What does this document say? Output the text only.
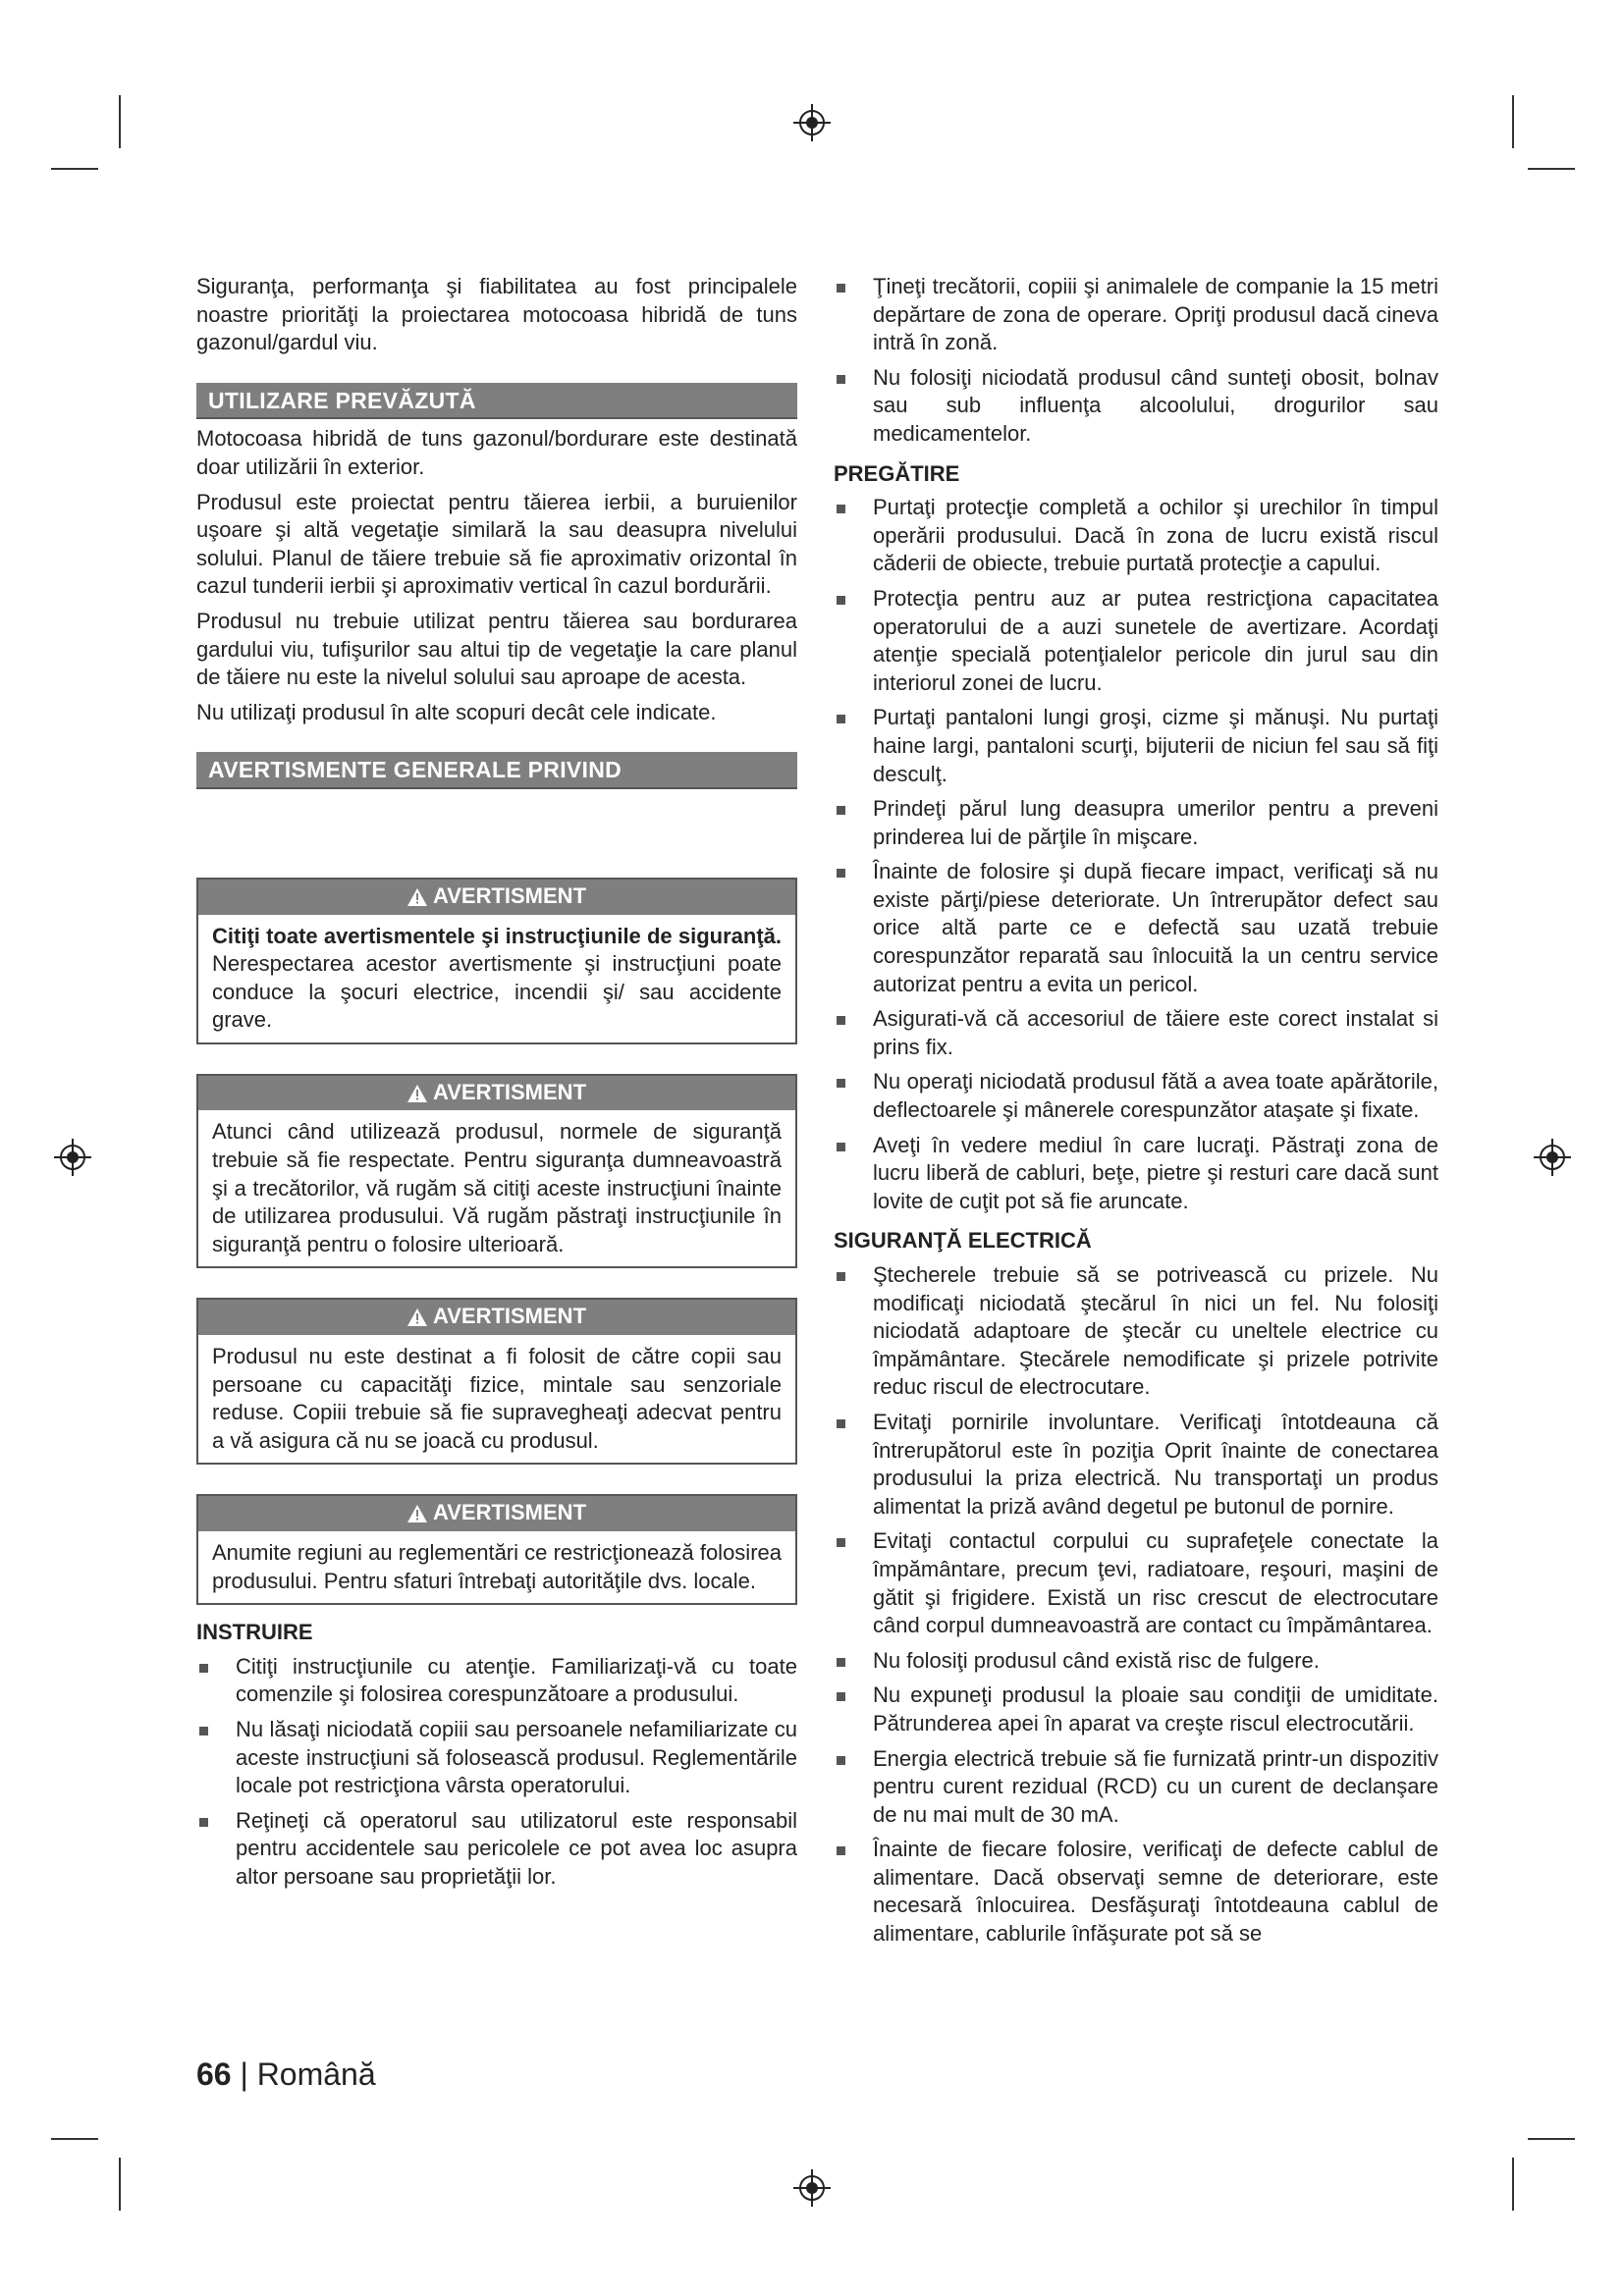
Siguranţa, performanţa şi fiabilitatea au fost principalele noastre priorităţi la proiectarea motocoasa hibridă de tuns gazonul/gardul viu.

UTILIZARE PREVĂZUTĂ

Motocoasa hibridă de tuns gazonul/bordurare este destinată doar utilizării în exterior.

Produsul este proiectat pentru tăierea ierbii, a buruienilor uşoare şi altă vegetaţie similară la sau deasupra nivelului solului. Planul de tăiere trebuie să fie aproximativ orizontal în cazul tunderii ierbii şi aproximativ vertical în cazul bordurării.

Produsul nu trebuie utilizat pentru tăierea sau bordurarea gardului viu, tufişurilor sau altui tip de vegetaţie la care planul de tăiere nu este la nivelul solului sau aproape de acesta.

Nu utilizaţi produsul în alte scopuri decât cele indicate.

AVERTISMENTE GENERALE PRIVIND
AVERTISMENT
Citiţi toate avertismentele şi instrucţiunile de siguranţă. Nerespectarea acestor avertismente şi instrucţiuni poate conduce la şocuri electrice, incendii şi/ sau accidente grave.
AVERTISMENT
Atunci când utilizează produsul, normele de siguranţă trebuie să fie respectate. Pentru siguranţa dumneavoastră şi a trecătorilor, vă rugăm să citiţi aceste instrucţiuni înainte de utilizarea produsului. Vă rugăm păstraţi instrucţiunile în siguranţă pentru o folosire ulterioară.
AVERTISMENT
Produsul nu este destinat a fi folosit de către copii sau persoane cu capacităţi fizice, mintale sau senzoriale reduse. Copiii trebuie să fie supravegheaţi adecvat pentru a vă asigura că nu se joacă cu produsul.
AVERTISMENT
Anumite regiuni au reglementări ce restricţionează folosirea produsului. Pentru sfaturi întrebaţi autorităţile dvs. locale.
INSTRUIRE
Citiţi instrucţiunile cu atenţie. Familiarizaţi-vă cu toate comenzile şi folosirea corespunzătoare a produsului.
Nu lăsaţi niciodată copiii sau persoanele nefamiliarizate cu aceste instrucţiuni să folosească produsul. Reglementările locale pot restricţiona vârsta operatorului.
Reţineţi că operatorul sau utilizatorul este responsabil pentru accidentele sau pericolele ce pot avea loc asupra altor persoane sau proprietăţii lor.
Ţineţi trecătorii, copiii şi animalele de companie la 15 metri depărtare de zona de operare. Opriţi produsul dacă cineva intră în zonă.
Nu folosiţi niciodată produsul când sunteţi obosit, bolnav sau sub influenţa alcoolului, drogurilor sau medicamentelor.
PREGĂTIRE
Purtaţi protecţie completă a ochilor şi urechilor în timpul operării produsului. Dacă în zona de lucru există riscul căderii de obiecte, trebuie purtată protecţie a capului.
Protecţia pentru auz ar putea restricţiona capacitatea operatorului de a auzi sunetele de avertizare. Acordaţi atenţie specială potenţialelor pericole din jurul sau din interiorul zonei de lucru.
Purtaţi pantaloni lungi groşi, cizme şi mănuşi. Nu purtaţi haine largi, pantaloni scurţi, bijuterii de niciun fel sau să fiţi desculţ.
Prindeţi părul lung deasupra umerilor pentru a preveni prinderea lui de părţile în mişcare.
Înainte de folosire şi după fiecare impact, verificaţi să nu existe părţi/piese deteriorate. Un întrerupător defect sau orice altă parte ce e defectă sau uzată trebuie corespunzător reparată sau înlocuită la un centru service autorizat pentru a evita un pericol.
Asigurati-vă că accesoriul de tăiere este corect instalat si prins fix.
Nu operaţi niciodată produsul fătă a avea toate apărătorile, deflectoarele şi mânerele corespunzător ataşate şi fixate.
Aveţi în vedere mediul în care lucraţi. Păstraţi zona de lucru liberă de cabluri, beţe, pietre şi resturi care dacă sunt lovite de cuţit pot să fie aruncate.
SIGURANŢĂ ELECTRICĂ
Ştecherele trebuie să se potrivească cu prizele. Nu modificaţi niciodată ştecărul în nici un fel. Nu folosiţi niciodată adaptoare de ştecăr cu uneltele electrice cu împământare. Ştecărele nemodificate şi prizele potrivite reduc riscul de electrocutare.
Evitaţi pornirile involuntare. Verificaţi întotdeauna că întrerupătorul este în poziţia Oprit înainte de conectarea produsului la priza electrică. Nu transportaţi un produs alimentat la priză având degetul pe butonul de pornire.
Evitaţi contactul corpului cu suprafeţele conectate la împământare, precum ţevi, radiatoare, reşouri, maşini de gătit şi frigidere. Există un risc crescut de electrocutare când corpul dumneavoastră are contact cu împământarea.
Nu folosiţi produsul când există risc de fulgere.
Nu expuneţi produsul la ploaie sau condiţii de umiditate. Pătrunderea apei în aparat va creşte riscul electrocutării.
Energia electrică trebuie să fie furnizată printr-un dispozitiv pentru curent rezidual (RCD) cu un curent de declanşare de nu mai mult de 30 mA.
Înainte de fiecare folosire, verificaţi de defecte cablul de alimentare. Dacă observaţi semne de deteriorare, este necesară înlocuirea. Desfăşuraţi întotdeauna cablul de alimentare, cablurile înfăşurate pot să se
66 | Română
